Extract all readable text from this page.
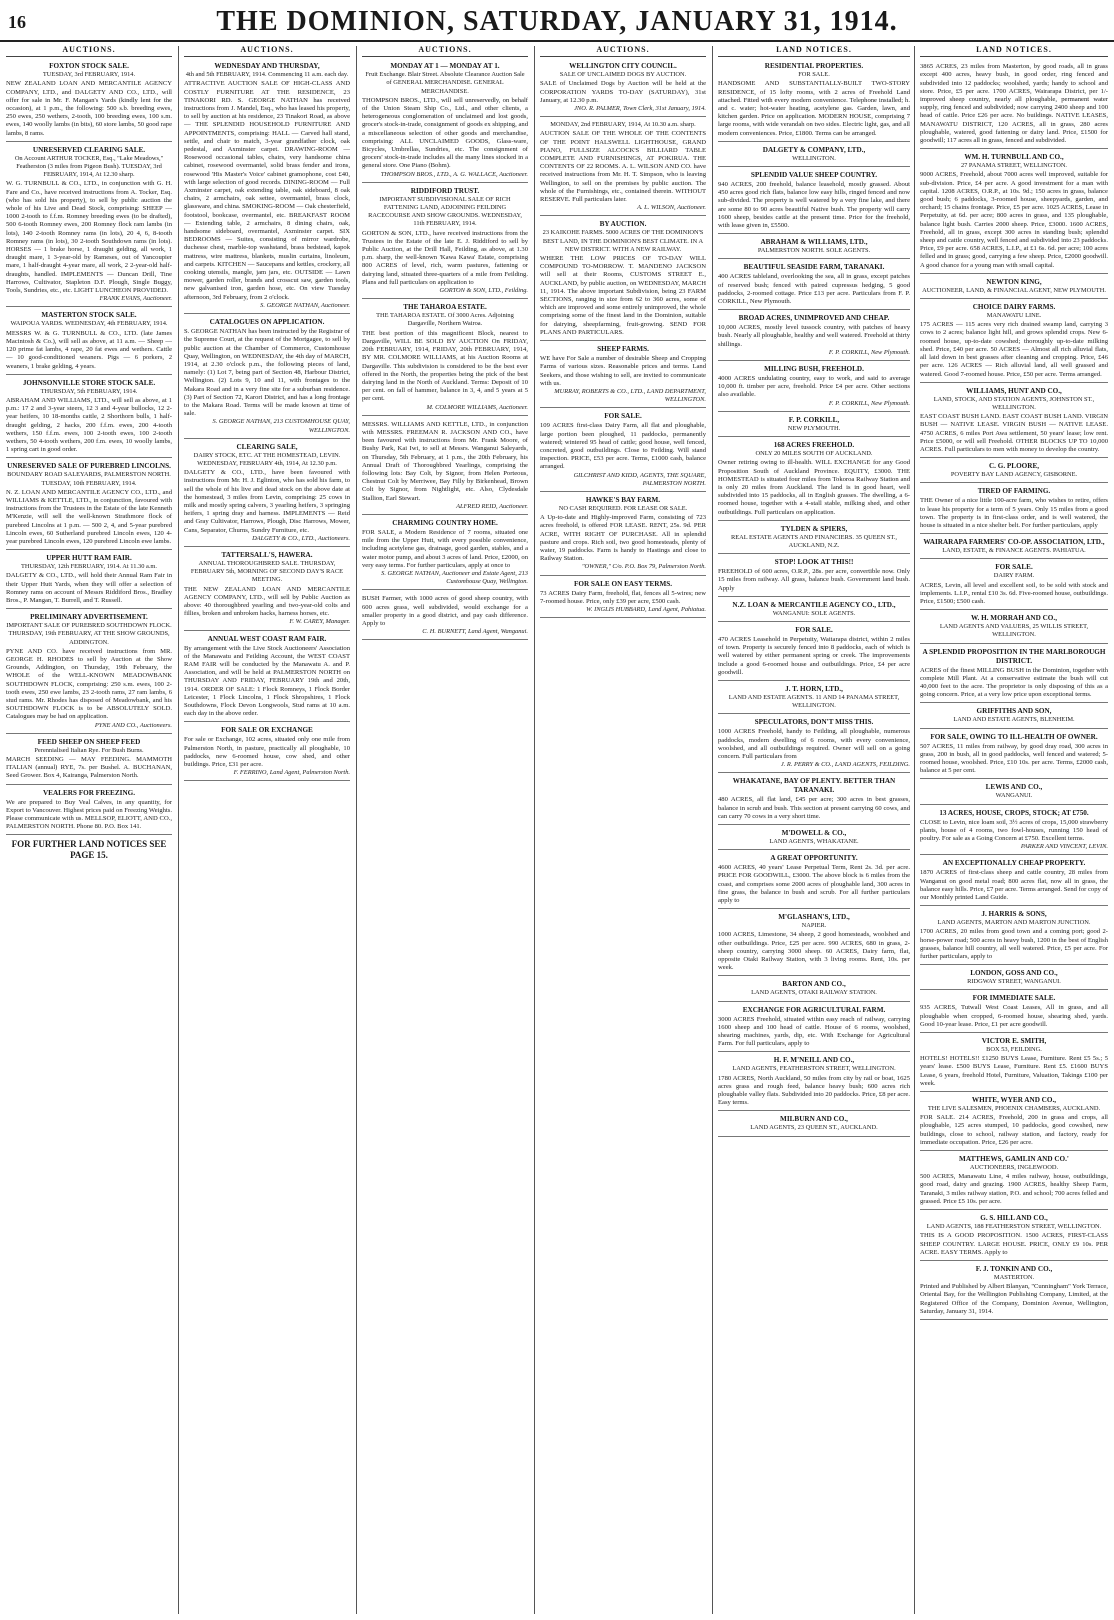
16	THE DOMINION, SATURDAY, JANUARY 31, 1914.
AUCTIONS.
FOXTON STOCK SALE.
TUESDAY, 3rd FEBRUARY, 1914.
NEW ZEALAND LOAN AND MERCANTILE AGENCY COMPANY, LTD., and DALGETY AND CO., LTD., will offer for sale in Mr. F. Mangan's Yards (kindly lent for the occasion), at 1 p.m., the following: 500 s.b. breeding ewes, 250 ewes, 250 wethers, 2-tooth, 100 breeding ewes, 100 s.m. ewes, 140 woolly lambs (in bits), 60 store lambs, 50 good rape lambs, 8 rams.
UNRESERVED CLEARING SALE.
On Account ARTHUR TOCKER, Esq., "Lake Meadows," Featherston (3 miles from Pigeon Bush). TUESDAY, 3rd FEBRUARY, 1914, At 12.30 sharp.
W. G. TURNBULL & CO., LTD., in conjunction with G. H. Fare and Co., have received instructions from A. Tocker, Esq. (who has sold his property), to sell by public auction the whole of his Live and Dead Stock, comprising: SHEEP — 1000 2-tooth to f.f.m. Romney breeding ewes (to be drafted), 500 6-tooth Romney ewes, 200 Romney flock ram lambs (in lots), 140 2-tooth Romney rams (in lots), 20 4, 6, 8-tooth Romney rams (in lots), 30 2-tooth Southdown rams (in lots). HORSES — 1 brake horse, 1 draught gelding, all work, 1 draught mare, 1 3-year-old by Rameses, out of Yancoupier mare, 1 half-draught 4-year mare, all work, 2 2-year-old half-draughts, handled. IMPLEMENTS — Duncan Drill, Tine Harrows, Cultivator, Stapleton D.F. Plough, Single Buggy, Tools, Sundries, etc., etc. LIGHT LUNCHEON PROVIDED.
FRANK EVANS, Auctioneer.
MASTERTON STOCK SALE.
WAIPOUA YARDS. WEDNESDAY, 4th FEBRUARY, 1914.
MESSRS W. & G. TURNBULL & CO., LTD. (late James Macintosh & Co.), will sell as above, at 11 a.m. — Sheep — 120 prime fat lambs, 4 rape, 20 fat ewes and wethers. Cattle — 10 good-conditioned weaners. Pigs — 6 porkers, 2 weaners, 1 brake gelding, 4 years.
JOHNSONVILLE STORE STOCK SALE.
THURSDAY, 5th FEBRUARY, 1914.
ABRAHAM AND WILLIAMS, LTD., will sell as above, at 1 p.m.: 17 2 and 3-year steers, 12 3 and 4-year bullocks, 12 2-year heifers, 10 18-months cattle, 2 Shorthorn bulls, 1 half-draught gelding, 2 hacks, 200 f.f.m. ewes, 200 4-tooth wethers, 150 f.f.m. ewes, 100 2-tooth ewes, 100 2-tooth wethers, 50 4-tooth wethers, 200 f.m. ewes, 10 woolly lambs, 1 spring cart in good order.
UNRESERVED SALE OF PUREBRED LINCOLNS.
BOUNDARY ROAD SALEYARDS, PALMERSTON NORTH. TUESDAY, 10th FEBRUARY, 1914.
N. Z. LOAN AND MERCANTILE AGENCY CO., LTD., and WILLIAMS & KETTLE, LTD., in conjunction, favoured with instructions from the Trustees in the Estate of the late Kenneth M'Kenzie, will sell the well-known Strathmore flock of purebred Lincolns at 1 p.m. — 500 2, 4, and 5-year purebred Lincoln ewes, 60 Sutherland purebred Lincoln ewes, 120 4-year purebred Lincoln ewes, 120 purebred Lincoln ewe lambs.
UPPER HUTT RAM FAIR.
THURSDAY, 12th FEBRUARY, 1914. At 11.30 a.m.
DALGETY & CO., LTD., will hold their Annual Ram Fair in their Upper Hutt Yards, when they will offer a selection of Romney rams on account of Messrs Riddiford Bros., Bradley Bros., P. Mangan, T. Burrell, and T. Russell.
PRELIMINARY ADVERTISEMENT.
IMPORTANT SALE OF PUREBRED SOUTHDOWN FLOCK. THURSDAY, 19th FEBRUARY, AT THE SHOW GROUNDS, ADDINGTON.
PYNE AND CO. have received instructions from MR. GEORGE H. RHODES to sell by Auction at the Show Grounds, Addington, on Thursday, 19th February, the WHOLE of the WELL-KNOWN MEADOWBANK SOUTHDOWN FLOCK, comprising: 250 s.m. ewes, 100 2-tooth ewes, 250 ewe lambs, 23 2-tooth rams, 27 ram lambs, 6 stud rams. Mr. Rhodes has disposed of Meadowbank, and his SOUTHDOWN FLOCK is to be ABSOLUTELY SOLD. Catalogues may be had on application.
PYNE AND CO., Auctioneers.
FEED SHEEP ON SHEEP FEED
Perennialised Italian Rye. For Bush Burns.
MARCH SEEDING — MAY FEEDING. MAMMOTH ITALIAN (annual) RYE, 7s. per Bushel. A. BUCHANAN, Seed Grower. Box 4, Kairanga, Palmerston North.
VEALERS FOR FREEZING.
We are prepared to Buy Veal Calves, in any quantity, for Export to Vancouver. Highest prices paid on Freezing Weights. Please communicate with us. MELLSOP, ELIOTT, AND CO., PALMERSTON NORTH. Phone 80. P.O. Box 141.
FOR FURTHER LAND NOTICES SEE PAGE 15.
AUCTIONS.
WEDNESDAY AND THURSDAY,
4th and 5th FEBRUARY, 1914. Commencing 11 a.m. each day.
ATTRACTIVE AUCTION SALE OF HIGH-CLASS AND COSTLY FURNITURE AT THE RESIDENCE, 23 TINAKORI RD. S. GEORGE NATHAN has received instructions from J. Mandel, Esq., who has leased his property, to sell by auction at his residence, 23 Tinakori Road, as above — THE SPLENDID HOUSEHOLD FURNITURE AND APPOINTMENTS, comprising: HALL — Carved hall stand, settle, and chair to match, 3-year grandfather clock, oak pedestal, and Axminster carpet. DRAWING-ROOM — Rosewood occasional tables, chairs, very handsome china cabinet, rosewood overmantel, solid brass fender and irons, rosewood 'His Master's Voice' cabinet gramophone, cost £40, with large selection of good records. DINING-ROOM — Full Axminster carpet, oak extending table, oak sideboard, 8 oak chairs, 2 armchairs, oak settee, overmantel, brass clock, glassware, and china. SMOKING-ROOM — Oak chesterfield, footstool, bookcase, overmantel, etc. BREAKFAST ROOM — Extending table, 2 armchairs, 8 dining chairs, oak, handsome sideboard, overmantel, Axminster carpet. SIX BEDROOMS — Suites, consisting of mirror wardrobe, duchesse chest, marble-top washstand, brass bedstead, kapok mattress, wire mattress, blankets, muslin curtains, linoleum, and carpets. KITCHEN — Saucepans and kettles, crockery, all cooking utensils, mangle, jam jars, etc. OUTSIDE — Lawn mower, garden roller, brands and crosscut saw, garden tools, new galvanised iron, garden hose, etc. On view Tuesday afternoon, 3rd February, from 2 o'clock.
S. GEORGE NATHAN, Auctioneer.
CATALOGUES ON APPLICATION.
S. GEORGE NATHAN has been instructed by the Registrar of the Supreme Court, at the request of the Mortgagee, to sell by public auction at the Chamber of Commerce, Customhouse Quay, Wellington, on WEDNESDAY, the 4th day of MARCH, 1914, at 2.30 o'clock p.m., the following pieces of land, namely: (1) Lot 7, being part of Section 48, Harbour District, Wellington. (2) Lots 9, 10 and 11, with frontages to the Makara Road and in a very fine site for a suburban residence. (3) Part of Section 72, Karori District, and has a long frontage to the Makara Road. Terms will be made known at time of sale.
S. GEORGE NATHAN, 213 CUSTOMHOUSE QUAY, WELLINGTON.
CLEARING SALE,
DAIRY STOCK, ETC. AT THE HOMESTEAD, LEVIN. WEDNESDAY, FEBRUARY 4th, 1914, At 12.30 p.m.
DALGETY & CO., LTD., have been favoured with instructions from Mr. H. J. Eglinton, who has sold his farm, to sell the whole of his live and dead stock on the above date at the homestead, 3 miles from Levin, comprising: 25 cows in milk and mostly spring calvers, 3 yearling heifers, 3 springing heifers, 1 spring dray and harness. IMPLEMENTS — Reid and Gray Cultivator, Harrows, Plough, Disc Harrows, Mower, Cans, Separator, Churns, Sundry Furniture, etc.
DALGETY & CO., LTD., Auctioneers.
TATTERSALL'S, HAWERA.
ANNUAL THOROUGHBRED SALE. THURSDAY, FEBRUARY 5th, MORNING OF SECOND DAY'S RACE MEETING.
THE NEW ZEALAND LOAN AND MERCANTILE AGENCY COMPANY, LTD., will sell by Public Auction as above: 40 thoroughbred yearling and two-year-old colts and fillies, broken and unbroken hacks, harness horses, etc.
F. W. CAREY, Manager.
ANNUAL WEST COAST RAM FAIR.
By arrangement with the Live Stock Auctioneers' Association of the Manawatu and Feilding Account, the WEST COAST RAM FAIR will be conducted by the Manawatu A. and P. Association, and will be held at PALMERSTON NORTH on THURSDAY AND FRIDAY, FEBRUARY 19th and 20th, 1914. ORDER OF SALE: 1 Flock Romneys, 1 Flock Border Leicester, 1 Flock Lincolns, 1 Flock Shropshires, 1 Flock Southdowns, Flock Devon Longwools, Stud rams at 10 a.m. each day in the above order.
FOR SALE OR EXCHANGE
For sale or Exchange, 102 acres, situated only one mile from Palmerston North, in pasture, practically all ploughable, 10 paddocks, new 6-roomed house, cow shed, and other buildings. Price, £31 per acre.
F. FERRINO, Land Agent, Palmerston North.
AUCTIONS.
MONDAY AT 1 — MONDAY AT 1.
Fruit Exchange. Blair Street. Absolute Clearance Auction Sale of GENERAL MERCHANDISE. GENERAL MERCHANDISE.
THOMPSON BROS., LTD., will sell unreservedly, on behalf of the Union Steam Ship Co., Ltd., and other clients, a heterogeneous conglomeration of unclaimed and lost goods, grocer's stock-in-trade, consignment of goods ex shipping, and a miscellaneous selection of other goods and merchandise, comprising: ALL UNCLAIMED GOODS, Glass-ware, Bicycles, Umbrellas, Sundries, etc. The consignment of grocers' stock-in-trade includes all the many lines stocked in a general store. One Piano (Bohm).
THOMPSON BROS., LTD., A. G. WALLACE, Auctioneer.
RIDDIFORD TRUST.
IMPORTANT SUBDIVISIONAL SALE OF RICH FATTENING LAND, ADJOINING FEILDING RACECOURSE AND SHOW GROUNDS. WEDNESDAY, 11th FEBRUARY, 1914.
GORTON & SON, LTD., have received instructions from the Trustees in the Estate of the late E. J. Riddiford to sell by Public Auction, at the Drill Hall, Feilding, as above, at 1.30 p.m. sharp, the well-known 'Kawa Kawa' Estate, comprising 800 ACRES of level, rich, warm pastures, fattening or dairying land, situated three-quarters of a mile from Feilding. Plans and full particulars on application to
GORTON & SON, LTD., Feilding.
THE TAHAROA ESTATE.
THE TAHAROA ESTATE. Of 3000 Acres. Adjoining Dargaville, Northern Wairoa.
THE best portion of this magnificent Block, nearest to Dargaville, WILL BE SOLD BY AUCTION On FRIDAY, 20th FEBRUARY, 1914, FRIDAY, 20th FEBRUARY, 1914, BY MR. COLMORE WILLIAMS, at his Auction Rooms at Dargaville. This subdivision is considered to be the best ever offered in the North, the properties being the pick of the best dairying land in the North of Auckland. Terms: Deposit of 10 per cent. on fall of hammer, balance in 3, 4, and 5 years at 5 per cent.
M. COLMORE WILLIAMS, Auctioneer.
MESSRS. WILLIAMS AND KETTLE, LTD., in conjunction with MESSRS. FREEMAN R. JACKSON AND CO., have been favoured with instructions from Mr. Frank Moore, of Bushy Park, Kai Iwi, to sell at Messrs. Wanganui Saleyards, on Thursday, 5th February, at 1 p.m., the 20th February, his Annual Draft of Thoroughbred Yearlings, comprising the following lots: Bay Colt, by Signor, from Helen Porteous, Chestnut Colt by Merriwee, Bay Filly by Birkenhead, Brown Colt by Signor, from Nightlight, etc. Also, Clydesdale Stallion, Earl Stewart.
ALFRED REID, Auctioneer.
CHARMING COUNTRY HOME.
FOR SALE, a Modern Residence of 7 rooms, situated one mile from the Upper Hutt, with every possible convenience, including acetylene gas, drainage, good garden, stables, and a water motor pump, and about 3 acres of land. Price, £2000, on very easy terms. For further particulars, apply at once to
S. GEORGE NATHAN, Auctioneer and Estate Agent, 213 Customhouse Quay, Wellington.
BUSH Farmer, with 1000 acres of good sheep country, with 600 acres grass, well subdivided, would exchange for a smaller property in a good district, and pay cash difference. Apply to
C. H. BURNETT, Land Agent, Wanganui.
AUCTIONS.
WELLINGTON CITY COUNCIL.
SALE OF UNCLAIMED DOGS BY AUCTION.
SALE of Unclaimed Dogs by Auction will be held at the CORPORATION YARDS TO-DAY (SATURDAY), 31st January, at 12.30 p.m.
JNO. R. PALMER, Town Clerk, 31st January, 1914.
MONDAY, 2nd FEBRUARY, 1914, At 10.30 a.m. sharp.
AUCTION SALE OF THE WHOLE OF THE CONTENTS OF THE POINT HALSWELL LIGHTHOUSE, GRAND PIANO, FULLSIZE ALCOCK'S BILLIARD TABLE COMPLETE AND FURNISHINGS, AT POKIRUA. THE CONTENTS OF 22 ROOMS. A. L. WILSON AND CO. have received instructions from Mr. H. T. Simpson, who is leaving Wellington, to sell on the premises by public auction. The whole of the Furnishings, etc., contained therein. WITHOUT RESERVE. Full particulars later.
A. L. WILSON, Auctioneer.
BY AUCTION.
23 KAIKOHE FARMS. 5000 ACRES OF THE DOMINION'S BEST LAND, IN THE DOMINION'S BEST CLIMATE. IN A NEW DISTRICT. WITH A NEW RAILWAY.
WHERE THE LOW PRICES OF TO-DAY WILL COMPOUND TO-MORROW. T. MANDENO JACKSON will sell at their Rooms, CUSTOMS STREET E., AUCKLAND, by public auction, on WEDNESDAY, MARCH 11, 1914. The above important Subdivision, being 23 FARM SECTIONS, ranging in size from 62 to 360 acres, some of which are improved and some entirely unimproved, the whole comprising some of the finest land in the Dominion, suitable for dairying, sheepfarming, fruit-growing. SEND FOR PLANS AND PARTICULARS.
SHEEP FARMS.
WE have For Sale a number of desirable Sheep and Cropping Farms of various sizes. Reasonable prices and terms. Land Seekers, and those wishing to sell, are invited to communicate with us.
MURRAY, ROBERTS & CO., LTD., LAND DEPARTMENT, WELLINGTON.
FOR SALE.
109 ACRES first-class Dairy Farm, all flat and ploughable, large portion been ploughed, 11 paddocks, permanently watered; wintered 95 head of cattle; good house, well fenced, concreted, good outbuildings. Close to Feilding. Will stand inspection. PRICE, £53 per acre. Terms, £1000 cash, balance arranged.
GILCHRIST AND KIDD, AGENTS, THE SQUARE, PALMERSTON NORTH.
HAWKE'S BAY FARM.
NO CASH REQUIRED. FOR LEASE OR SALE.
A Up-to-date and Highly-improved Farm, consisting of 723 acres freehold, is offered FOR LEASE. RENT, 25s. 9d. PER ACRE, WITH RIGHT OF PURCHASE. All in splendid pasture and crops. Rich soil, two good homesteads, plenty of water, 19 paddocks. Farm is handy to Hastings and close to Railway Station.
"OWNER," C/o. P.O. Box 79, Palmerston North.
FOR SALE ON EASY TERMS.
73 ACRES Dairy Farm, freehold, flat, fences all 5-wires; new 7-roomed house. Price, only £39 per acre, £500 cash.
W. INGLIS HUBBARD, Land Agent, Pahiatua.
LAND NOTICES.
RESIDENTIAL PROPERTIES.
FOR SALE.
HANDSOME AND SUBSTANTIALLY-BUILT TWO-STORY RESIDENCE, of 15 lofty rooms, with 2 acres of Freehold Land attached. Fitted with every modern convenience. Telephone installed; h. and c. water; hot-water heating, acetylene gas. Garden, lawn, and kitchen garden. Price on application. MODERN HOUSE, comprising 7 large rooms, with wide verandah on two sides. Electric light, gas, and all modern conveniences. Price, £1800. Terms can be arranged.
DALGETY & COMPANY, LTD.,
WELLINGTON.
SPLENDID VALUE SHEEP COUNTRY.
940 ACRES, 200 freehold, balance leasehold, mostly grassed. About 450 acres good rich flats, balance low easy hills, ringed fenced and now sub-divided. The property is well watered by a very fine lake, and there are some 80 to 90 acres beautiful Native bush. The property will carry 1600 sheep, besides cattle at the present time. Price for the freehold, with lease given in, £5500.
ABRAHAM & WILLIAMS, LTD.,
PALMERSTON NORTH. SOLE AGENTS.
BEAUTIFUL SEASIDE FARM, TARANAKI.
400 ACRES tableland, overlooking the sea, all in grass, except patches of reserved bush; fenced with paired cupressus hedging, 5 good paddocks, 2-roomed cottage. Price £13 per acre. Particulars from F. P. CORKILL, New Plymouth.
BROAD ACRES, UNIMPROVED AND CHEAP.
10,000 ACRES, mostly level tussock country, with patches of heavy bush. Nearly all ploughable, healthy and well watered. Freehold at thirty shillings.
F. P. CORKILL, New Plymouth.
MILLING BUSH, FREEHOLD.
4000 ACRES undulating country, easy to work, and said to average 10,000 ft. timber per acre, freehold. Price £4 per acre. Other sections also available.
F. P. CORKILL, New Plymouth.
F. P. CORKILL,
NEW PLYMOUTH.
168 ACRES FREEHOLD.
ONLY 20 MILES SOUTH OF AUCKLAND.
Owner retiring owing to ill-health. WILL EXCHANGE for any Good Proposition South of Auckland Province. EQUITY, £3000. THE HOMESTEAD is situated four miles from Tokoroa Railway Station and is only 20 miles from Auckland. The land is in good heart, well subdivided into 15 paddocks, all in English grasses. The dwelling, a 6-roomed house, together with a 4-stall stable, milking shed, and other outbuildings. Full particulars on application.
TYLDEN & SPIERS,
REAL ESTATE AGENTS AND FINANCIERS. 35 QUEEN ST., AUCKLAND, N.Z.
STOP! LOOK AT THIS!!
FREEHOLD of 600 acres, O.R.P., 28s. per acre, convertible now. Only 15 miles from railway. All grass, balance bush. Government land bush. Apply
N.Z. LOAN & MERCANTILE AGENCY CO., LTD.,
WANGANUI: SOLE AGENTS.
FOR SALE.
470 ACRES Leasehold in Perpetuity, Waitarapa district, within 2 miles of town. Property is securely fenced into 8 paddocks, each of which is well watered by either permanent spring or creek. The improvements include a good 6-roomed house and outbuildings. Price, £4 per acre goodwill.
J. T. HORN, LTD.,
LAND AND ESTATE AGENTS. 11 AND 14 PANAMA STREET, WELLINGTON.
SPECULATORS, DON'T MISS THIS.
1000 ACRES Freehold, handy to Feilding, all ploughable, numerous paddocks, modern dwelling of 6 rooms, with every convenience, woolshed, and all outbuildings required. Owner will sell on a going concern. Full particulars from
J. R. PERRY & CO., LAND AGENTS, FEILDING.
WHAKATANE, BAY OF PLENTY. BETTER THAN TARANAKI.
480 ACRES, all flat land, £45 per acre; 300 acres in best grasses, balance in scrub and bush. This section at present carrying 60 cows, and can carry 70 cows in a very short time.
M'DOWELL & CO.,
LAND AGENTS, WHAKATANE.
A GREAT OPPORTUNITY.
4600 ACRES, 40 years' Lease Perpetual Term, Rent 2s. 3d. per acre. PRICE FOR GOODWILL, £3000. The above block is 6 miles from the coast, and comprises some 2000 acres of ploughable land, 300 acres in fine grass, the balance in bush and scrub. For all further particulars apply to
M'GLASHAN'S, LTD.,
NAPIER.
1000 ACRES, Limestone, 34 sheep, 2 good homesteads, woolshed and other outbuildings. Price, £25 per acre. 990 ACRES, 680 in grass, 2-sheep country, carrying 3000 sheep. 60 ACRES, Dairy farm, flat, opposite Otaki Railway Station, with 3 living rooms. Rent, 10s. per week.
BARTON AND CO.,
LAND AGENTS, OTAKI RAILWAY STATION.
EXCHANGE FOR AGRICULTURAL FARM.
3000 ACRES Freehold, situated within easy reach of railway, carrying 1600 sheep and 100 head of cattle. House of 6 rooms, woolshed, shearing machines, yards, dip, etc. With Exchange for Agricultural Farm. For full particulars, apply to
H. F. M'NEILL AND CO.,
LAND AGENTS, FEATHERSTON STREET, WELLINGTON.
1780 ACRES, North Auckland, 50 miles from city by rail or boat, 1625 acres grass and rough feed, balance heavy bush; 600 acres rich ploughable valley flats. Subdivided into 20 paddocks. Price, £8 per acre. Easy terms.
MILBURN AND CO.,
LAND AGENTS, 23 QUEEN ST., AUCKLAND.
LAND NOTICES.
3865 ACRES, 23 miles from Masterton, by good roads, all in grass except 400 acres, heavy bush, in good order, ring fenced and subdivided into 12 paddocks; woolshed, yards; handy to school and store. Price, £5 per acre. 1700 ACRES, Wairarapa District, per 1/- improved sheep country, nearly all ploughable, permanent water supply, ring fenced and subdivided; now carrying 2400 sheep and 100 head of cattle. Price £26 per acre. No buildings. NATIVE LEASES, MANAWATU DISTRICT, 120 ACRES, all in grass, 280 acres ploughable, watered, good fattening or dairy land. Price, £1500 for goodwill; 117 acres all in grass, fenced and subdivided.
WM. H. TURNBULL AND CO.,
27 PANAMA STREET, WELLINGTON.
9000 ACRES, Freehold, about 7000 acres well improved, suitable for sub-division. Price, £4 per acre. A good investment for a man with capital. 1208 ACRES, O.R.P., at 10s. 9d.; 150 acres in grass, balance good bush; 6 paddocks, 3-roomed house, sheepyards, garden, and orchard; 15 chains frontage. Price, £5 per acre. 1025 ACRES, Lease in Perpetuity, at 6d. per acre; 800 acres in grass, and 135 ploughable, balance light bush. Carries 2000 sheep. Price, £3000. 1600 ACRES, Freehold, all in grass, except 300 acres in standing bush; splendid sheep and cattle country, well fenced and subdivided into 23 paddocks. Price, £9 per acre. 658 ACRES, L.I.P., at £1 6s. 6d. per acre; 100 acres felled and in grass; good, carrying a few sheep. Price, £2000 goodwill. A good chance for a young man with small capital.
NEWTON KING,
AUCTIONEER, LAND, & FINANCIAL AGENT, NEW PLYMOUTH.
CHOICE DAIRY FARMS.
MANAWATU LINE.
175 ACRES — 115 acres very rich drained swamp land, carrying 3 cows to 2 acres; balance light hill, and grows splendid crops. New 6-roomed house, up-to-date cowshed; thoroughly up-to-date milking shed. Price, £40 per acre. 50 ACRES — Almost all rich alluvial flats, all laid down in best grasses after cleaning and cropping. Price, £46 per acre. 126 ACRES — Rich alluvial land, all well grassed and watered. Good 7-roomed house. Price, £50 per acre. Terms arranged.
WILLIAMS, HUNT AND CO.,
LAND, STOCK, AND STATION AGENTS, JOHNSTON ST., WELLINGTON.
EAST COAST BUSH LAND. EAST COAST BUSH LAND. VIRGIN BUSH — NATIVE LEASE. VIRGIN BUSH — NATIVE LEASE. 4750 ACRES, 6 miles Port Awa settlement, 50 years' lease; low rent. Price £5000, or will sell Freehold. OTHER BLOCKS UP TO 10,000 ACRES. Full particulars to men with money to develop the country.
C. G. PLOORE,
POVERTY BAY LAND AGENCY, GISBORNE.
TIRED OF FARMING.
THE Owner of a nice little 100-acre farm, who wishes to retire, offers to lease his property for a term of 5 years. Only 15 miles from a good town. The property is in first-class order, and is well watered, the house is situated in a nice shelter belt. For further particulars, apply
WAIRARAPA FARMERS' CO-OP. ASSOCIATION, LTD.,
LAND, ESTATE, & FINANCE AGENTS. PAHIATUA.
FOR SALE.
DAIRY FARM.
ACRES, Levin, all level and excellent soil, to be sold with stock and implements. L.I.P., rental £10 3s. 6d. Five-roomed house, outbuildings. Price, £1500; £500 cash.
W. H. MORRAH AND CO.,
LAND AGENTS AND VALUERS, 25 WILLIS STREET, WELLINGTON.
A SPLENDID PROPOSITION IN THE MARLBOROUGH DISTRICT.
ACRES of the finest MILLING BUSH in the Dominion, together with complete Mill Plant. At a conservative estimate the bush will cut 40,000 feet to the acre. The proprietor is only disposing of this as a going concern. Price, at a very low price upon exceptional terms.
GRIFFITHS AND SON,
LAND AND ESTATE AGENTS, BLENHEIM.
FOR SALE, OWING TO ILL-HEALTH OF OWNER.
507 ACRES, 11 miles from railway, by good dray road, 300 acres in grass, 200 in bush, all in good paddocks, well fenced and watered; 5-roomed house, woolshed. Price, £10 10s. per acre. Terms, £2000 cash, balance at 5 per cent.
LEWIS AND CO.,
WANGANUI.
13 ACRES, HOUSE, CROPS, STOCK; AT £750.
CLOSE to Levin, nice loam soil, 3½ acres of crops, 15,000 strawberry plants, house of 4 rooms, two fowl-houses, running 150 head of poultry. For sale as a Going Concern at £750. Excellent terms.
PARKER AND VINCENT, LEVIN.
AN EXCEPTIONALLY CHEAP PROPERTY.
1870 ACRES of first-class sheep and cattle country, 28 miles from Wanganui on good metal road; 800 acres flat, now all in grass, the balance easy hills. Price, £7 per acre. Terms arranged. Send for copy of our Monthly printed Land Guide.
J. HARRIS & SONS,
LAND AGENTS, MARTON AND MARTON JUNCTION.
1700 ACRES, 20 miles from good town and a coming port; good 2-horse-power road; 500 acres in heavy bush, 1200 in the best of English grasses, balance hill country, all well watered. Price, £5 per acre. For further particulars, apply to
LONDON, GOSS AND CO.,
RIDGWAY STREET, WANGANUI.
FOR IMMEDIATE SALE.
935 ACRES, Tutwall West Coast Leases, All in grass, and all ploughable when cropped, 6-roomed house, shearing shed, yards. Good 10-year lease. Price, £1 per acre goodwill.
VICTOR E. SMITH,
BOX 53, FEILDING.
HOTELS! HOTELS!! £1250 BUYS Lease, Furniture. Rent £5 5s.; 5 years' lease. £500 BUYS Lease, Furniture. Rent £5. £1600 BUYS Lease, 6 years, freehold Hotel, Furniture, Valuation, Takings £100 per week.
WHITE, WYER AND CO.,
THE LIVE SALESMEN, PHOENIX CHAMBERS, AUCKLAND.
FOR SALE. 214 ACRES, Freehold, 200 in grass and crops, all ploughable, 125 acres stumped, 10 paddocks, good cowshed, new buildings, close to school, railway station, and factory, ready for immediate occupation. Price, £26 per acre.
MATTHEWS, GAMLIN AND CO.'
AUCTIONEERS, INGLEWOOD.
500 ACRES, Manawatu Line, 4 miles railway, house, outbuildings, good road, dairy and grazing. 1900 ACRES, healthy Sheep Farm, Taranaki, 3 miles railway station, P.O. and school; 700 acres felled and grassed. Price £5 10s. per acre.
G. S. HILL AND CO.,
LAND AGENTS, 188 FEATHERSTON STREET, WELLINGTON.
THIS IS A GOOD PROPOSITION. 1500 ACRES, FIRST-CLASS SHEEP COUNTRY. LARGE HOUSE. PRICE, ONLY £9 10s. PER ACRE. EASY TERMS. Apply to
F. J. TONKIN AND CO.,
MASTERTON.
Printed and Published by Albert Blanyan, "Cunningham" York Terrace, Oriental Bay, for the Wellington Publishing Company, Limited, at the Registered Office of the Company, Dominion Avenue, Wellington, Saturday, January 31, 1914.
